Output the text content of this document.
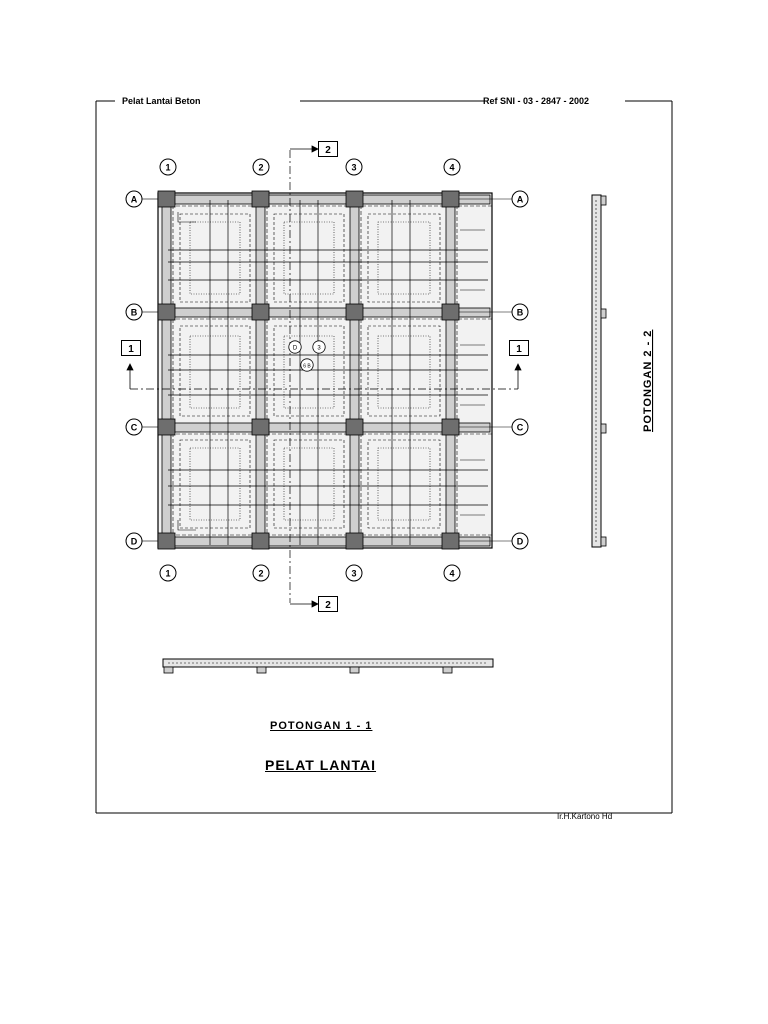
Pelat Lantai Beton	Ref SNI - 03 - 2847 - 2002
1	2	3	4
1	2	3	4
A
B
C
D
A
B
C
D
2
2
1	1
D	3
6 B	POTONGAN 2 - 2
POTONGAN 1 - 1
PELAT LANTAI
Ir.H.Kartono Hd
